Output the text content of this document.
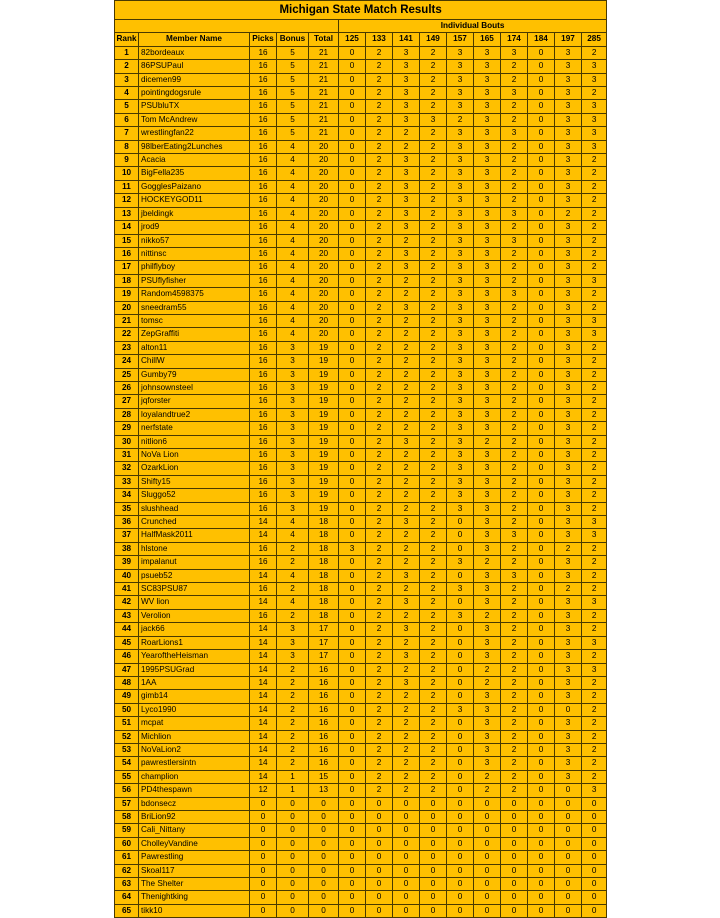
Michigan State Match Results														
					Individual Bouts									
Rank	Member Name	Picks	Bonus	Total	125	133	141	149	157	165	174	184	197	285
1	82bordeaux	16	5	21	0	2	3	2	3	3	3	0	3	2
2	86PSUPaul	16	5	21	0	2	3	2	3	3	2	0	3	3
3	dicemen99	16	5	21	0	2	3	2	3	3	2	0	3	3
4	pointingdogsrule	16	5	21	0	2	3	2	3	3	3	0	3	2
5	PSUbluTX	16	5	21	0	2	3	2	3	3	2	0	3	3
6	Tom McAndrew	16	5	21	0	2	3	3	2	3	2	0	3	3
7	wrestlingfan22	16	5	21	0	2	2	2	3	3	3	0	3	3
8	98lberEating2Lunches	16	4	20	0	2	2	2	3	3	2	0	3	3
9	Acacia	16	4	20	0	2	3	2	3	3	2	0	3	2
10	BigFella235	16	4	20	0	2	3	2	3	3	2	0	3	2
11	GogglesPaizano	16	4	20	0	2	3	2	3	3	2	0	3	2
12	HOCKEYGOD11	16	4	20	0	2	3	2	3	3	2	0	3	2
13	jbeldingk	16	4	20	0	2	3	2	3	3	3	0	2	2
14	jrod9	16	4	20	0	2	3	2	3	3	2	0	3	2
15	nikko57	16	4	20	0	2	2	2	3	3	3	0	3	2
16	nittinsc	16	4	20	0	2	3	2	3	3	2	0	3	2
17	philflyboy	16	4	20	0	2	3	2	3	3	2	0	3	2
18	PSUflyfisher	16	4	20	0	2	2	2	3	3	2	0	3	3
19	Random4598375	16	4	20	0	2	2	2	3	3	3	0	3	2
20	sneedram55	16	4	20	0	2	3	2	3	3	2	0	3	2
21	tomsc	16	4	20	0	2	2	2	3	3	2	0	3	3
22	ZepGraffiti	16	4	20	0	2	2	2	3	3	2	0	3	3
23	alton11	16	3	19	0	2	2	2	3	3	2	0	3	2
24	ChillW	16	3	19	0	2	2	2	3	3	2	0	3	2
25	Gumby79	16	3	19	0	2	2	2	3	3	2	0	3	2
26	johnsownsteel	16	3	19	0	2	2	2	3	3	2	0	3	2
27	jqforster	16	3	19	0	2	2	2	3	3	2	0	3	2
28	loyalandtrue2	16	3	19	0	2	2	2	3	3	2	0	3	2
29	nerfstate	16	3	19	0	2	2	2	3	3	2	0	3	2
30	nitlion6	16	3	19	0	2	3	2	3	2	2	0	3	2
31	NoVa Lion	16	3	19	0	2	2	2	3	3	2	0	3	2
32	OzarkLion	16	3	19	0	2	2	2	3	3	2	0	3	2
33	Shifty15	16	3	19	0	2	2	2	3	3	2	0	3	2
34	Sluggo52	16	3	19	0	2	2	2	3	3	2	0	3	2
35	slushhead	16	3	19	0	2	2	2	3	3	2	0	3	2
36	Crunched	14	4	18	0	2	3	2	0	3	2	0	3	3
37	HalfMask2011	14	4	18	0	2	2	2	0	3	3	0	3	3
38	hlstone	16	2	18	3	2	2	2	0	3	2	0	2	2
39	impalanut	16	2	18	0	2	2	2	3	2	2	0	3	2
40	psueb52	14	4	18	0	2	3	2	0	3	3	0	3	2
41	SC83PSU87	16	2	18	0	2	2	2	3	3	2	0	2	2
42	WV lion	14	4	18	0	2	3	2	0	3	2	0	3	3
43	Verolion	16	2	18	0	2	2	2	3	2	2	0	3	2
44	jack66	14	3	17	0	2	3	2	0	3	2	0	3	2
45	RoarLions1	14	3	17	0	2	2	2	0	3	2	0	3	3
46	YearoftheHeisman	14	3	17	0	2	3	2	0	3	2	0	3	2
47	1995PSUGrad	14	2	16	0	2	2	2	0	2	2	0	3	3
48	1AA	14	2	16	0	2	3	2	0	2	2	0	3	2
49	gimb14	14	2	16	0	2	2	2	0	3	2	0	3	2
50	Lyco1990	14	2	16	0	2	2	2	3	3	2	0	0	2
51	mcpat	14	2	16	0	2	2	2	0	3	2	0	3	2
52	Michlion	14	2	16	0	2	2	2	0	3	2	0	3	2
53	NoVaLion2	14	2	16	0	2	2	2	0	3	2	0	3	2
54	pawrestlersintn	14	2	16	0	2	2	2	0	3	2	0	3	2
55	champlion	14	1	15	0	2	2	2	0	2	2	0	3	2
56	PD4thespawn	12	1	13	0	2	2	2	0	2	2	0	0	3
57	bdonsecz	0	0	0	0	0	0	0	0	0	0	0	0	0
58	BriLion92	0	0	0	0	0	0	0	0	0	0	0	0	0
59	Cali_Nittany	0	0	0	0	0	0	0	0	0	0	0	0	0
60	CholleyVandine	0	0	0	0	0	0	0	0	0	0	0	0	0
61	Pawrestling	0	0	0	0	0	0	0	0	0	0	0	0	0
62	Skoal117	0	0	0	0	0	0	0	0	0	0	0	0	0
63	The Shelter	0	0	0	0	0	0	0	0	0	0	0	0	0
64	Thenightking	0	0	0	0	0	0	0	0	0	0	0	0	0
65	tikk10	0	0	0	0	0	0	0	0	0	0	0	0	0
